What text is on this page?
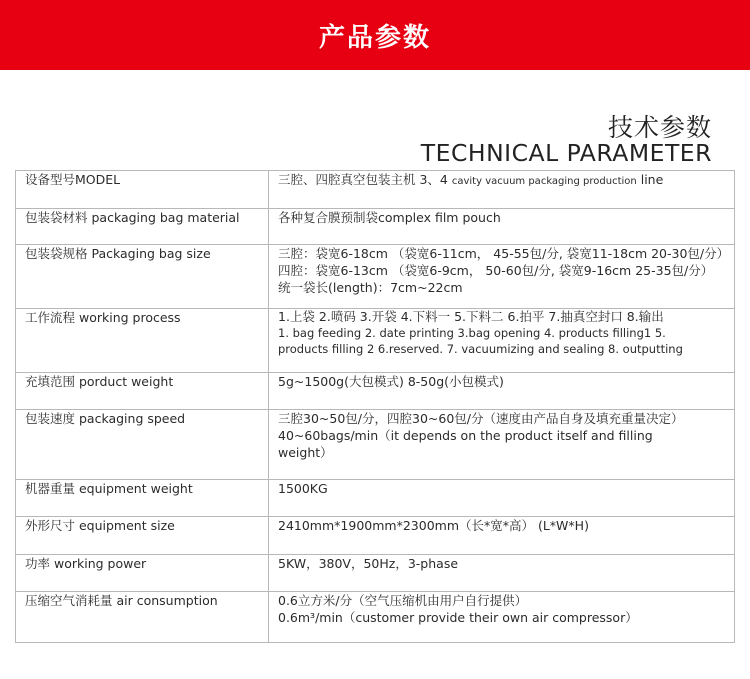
产品参数
技术参数
TECHNICAL PARAMETER
设备型号MODEL	三腔、四腔真空包装主机 3、4 cavity vacuum packaging production line
包装袋材料 packaging bag material	各种复合膜预制袋complex film pouch
包装袋规格 Packaging bag size	三腔：袋宽6-18cm （袋宽6-11cm， 45-55包/分, 袋宽11-18cm 20-30包/分）
四腔：袋宽6-13cm （袋宽6-9cm， 50-60包/分, 袋宽9-16cm 25-35包/分）
统一袋长(length)：7cm~22cm

工作流程 working process	1.上袋 2.喷码 3.开袋 4.下料一 5.下料二 6.拍平 7.抽真空封口 8.输出
1. bag feeding 2. date printing 3.bag opening 4. products filling1 5.
products filling 2 6.reserved. 7. vacuumizing and sealing 8. outputting

充填范围 porduct weight	5g~1500g(大包模式) 8-50g(小包模式)
包装速度 packaging speed	三腔30~50包/分，四腔30~60包/分（速度由产品自身及填充重量决定）
40~60bags/min（it depends on the product itself and filling
weight）

机器重量 equipment weight	1500KG
外形尺寸 equipment size	2410mm*1900mm*2300mm（长*宽*高） (L*W*H)
功率 working power	5KW，380V，50Hz，3-phase
压缩空气消耗量 air consumption	0.6立方米/分（空气压缩机由用户自行提供）
0.6m³/min（customer provide their own air compressor）
